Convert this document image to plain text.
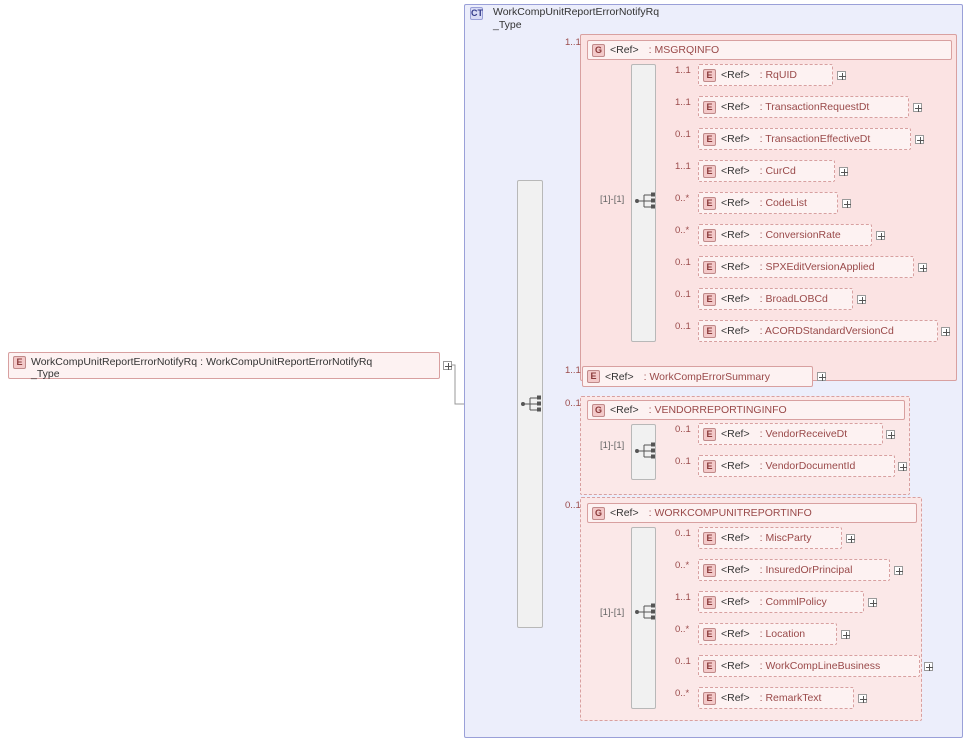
E WorkCompUnitReportErrorNotifyRq : WorkCompUnitReportErrorNotifyRq
_Type
CT WorkCompUnitReportErrorNotifyRq
_Type
1..1
G <Ref> : MSGRQINFO
[1]-[1]
1..1	E <Ref> : RqUID
1..1	E <Ref> : TransactionRequestDt
0..1	E <Ref> : TransactionEffectiveDt
1..1	E <Ref> : CurCd
0..*	E <Ref> : CodeList
0..*	E <Ref> : ConversionRate
0..1	E <Ref> : SPXEditVersionApplied
0..1	E <Ref> : BroadLOBCd
0..1	E <Ref> : ACORDStandardVersionCd
1..1	E <Ref> : WorkCompErrorSummary
0..1
G <Ref> : VENDORREPORTINGINFO
[1]-[1]
0..1	E <Ref> : VendorReceiveDt
0..1	E <Ref> : VendorDocumentId
0..1
G <Ref> : WORKCOMPUNITREPORTINFO
[1]-[1]
0..1	E <Ref> : MiscParty
0..*	E <Ref> : InsuredOrPrincipal
1..1	E <Ref> : CommlPolicy
0..*	E <Ref> : Location
0..1	E <Ref> : WorkCompLineBusiness
0..*	E <Ref> : RemarkText
